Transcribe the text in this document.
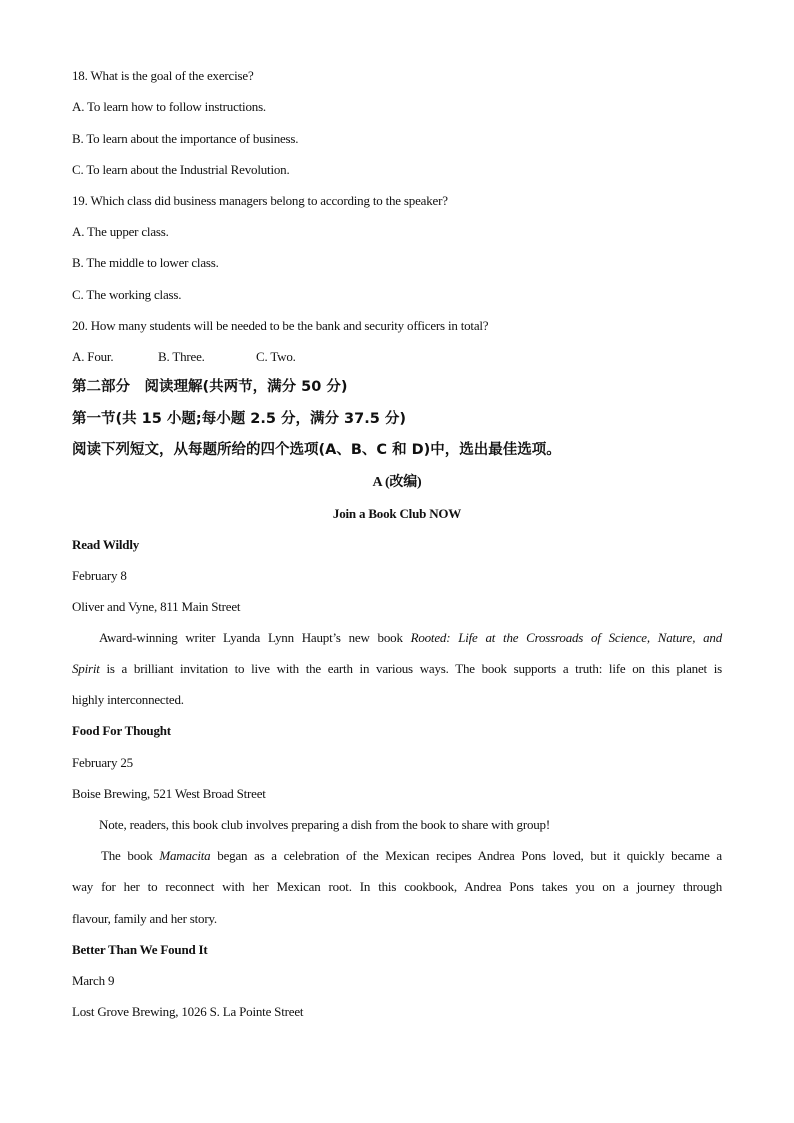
18. What is the goal of the exercise?
A. To learn how to follow instructions.
B. To learn about the importance of business.
C. To learn about the Industrial Revolution.
19. Which class did business managers belong to according to the speaker?
A. The upper class.
B. The middle to lower class.
C. The working class.
20. How many students will be needed to be the bank and security officers in total?
A. Four.	B. Three.	C. Two.
第二部分　阅读理解(共两节，满分 50 分)
第一节(共 15 小题;每小题 2.5 分，满分 37.5 分)
阅读下列短文，从每题所给的四个选项(A、B、C 和 D)中，选出最佳选项。
A (改编)
Join a Book Club NOW
Read Wildly
February 8
Oliver and Vyne, 811 Main Street
Award-winning writer Lyanda Lynn Haupt’s new book Rooted: Life at the Crossroads of Science, Nature, and
Spirit is a brilliant invitation to live with the earth in various ways. The book supports a truth: life on this planet is
highly interconnected.
Food For Thought
February 25
Boise Brewing, 521 West Broad Street
Note, readers, this book club involves preparing a dish from the book to share with group!
The book Mamacita began as a celebration of the Mexican recipes Andrea Pons loved, but it quickly became a
way for her to reconnect with her Mexican root. In this cookbook, Andrea Pons takes you on a journey through
flavour, family and her story.
Better Than We Found It
March 9
Lost Grove Brewing, 1026 S. La Pointe Street
